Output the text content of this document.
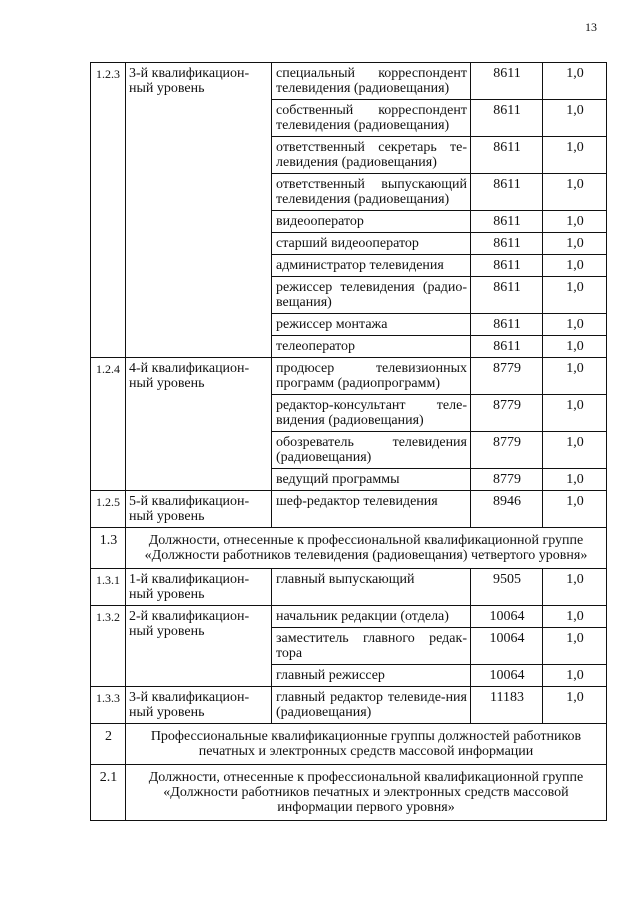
13
1.2.3	3-й квалификацион-ный уровень	специальный корреспондент телевидения (радиовещания)	8611	1,0
		собственный корреспондент телевидения (радиовещания)	8611	1,0
		ответственный секретарь те-левидения (радиовещания)	8611	1,0
		ответственный выпускающий телевидения (радиовещания)	8611	1,0
		видеооператор	8611	1,0
		старший видеооператор	8611	1,0
		администратор телевидения	8611	1,0
		режиссер телевидения (радио-вещания)	8611	1,0
		режиссер монтажа	8611	1,0
		телеоператор	8611	1,0
1.2.4	4-й квалификацион-ный уровень	продюсер телевизионных программ (радиопрограмм)	8779	1,0
		редактор-консультант теле-видения (радиовещания)	8779	1,0
		обозреватель телевидения (радиовещания)	8779	1,0
		ведущий программы	8779	1,0
1.2.5	5-й квалификацион-ный уровень	шеф-редактор телевидения	8946	1,0
1.3	Должности, отнесенные к профессиональной квалификационной группе «Должности работников телевидения (радиовещания) четвертого уровня»			
1.3.1	1-й квалификацион-ный уровень	главный выпускающий	9505	1,0
1.3.2	2-й квалификацион-ный уровень	начальник редакции (отдела)	10064	1,0
		заместитель главного редак-тора	10064	1,0
		главный режиссер	10064	1,0
1.3.3	3-й квалификацион-ный уровень	главный редактор телевиде-ния (радиовещания)	11183	1,0
2	Профессиональные квалификационные группы должностей работников печатных и электронных средств массовой информации			
2.1	Должности, отнесенные к профессиональной квалификационной группе «Должности работников печатных и электронных средств массовой информации первого уровня»			
